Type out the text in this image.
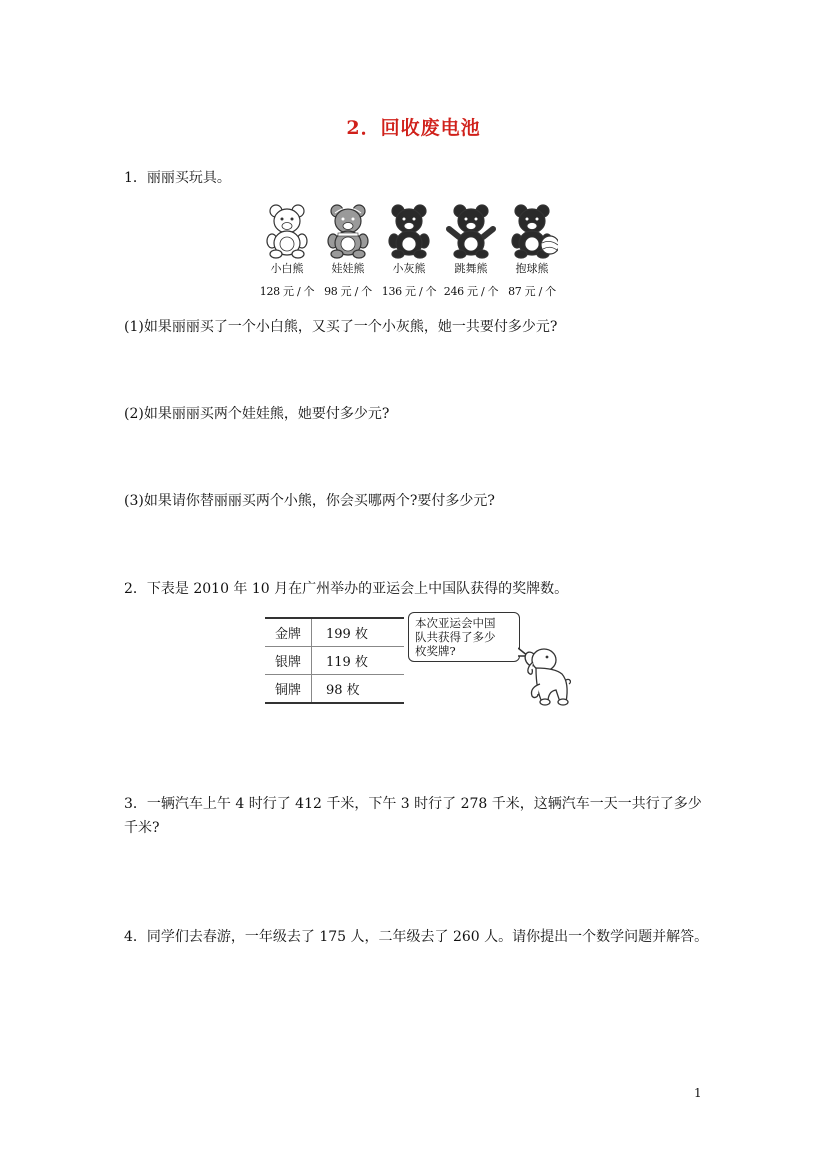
2．回收废电池
1．丽丽买玩具。
小白熊
128 元 / 个
娃娃熊
98 元 / 个
小灰熊
136 元 / 个
跳舞熊
246 元 / 个
抱球熊
87 元 / 个
(1)如果丽丽买了一个小白熊，又买了一个小灰熊，她一共要付多少元?
(2)如果丽丽买两个娃娃熊，她要付多少元?
(3)如果请你替丽丽买两个小熊，你会买哪两个?要付多少元?
2．下表是 2010 年 10 月在广州举办的亚运会上中国队获得的奖牌数。
金牌	199 枚
银牌	119 枚
铜牌	98 枚
本次亚运会中国
队共获得了多少
枚奖牌?
3．一辆汽车上午 4 时行了 412 千米，下午 3 时行了 278 千米，这辆汽车一天一共行了多少
千米?
4．同学们去春游，一年级去了 175 人，二年级去了 260 人。请你提出一个数学问题并解答。
1
